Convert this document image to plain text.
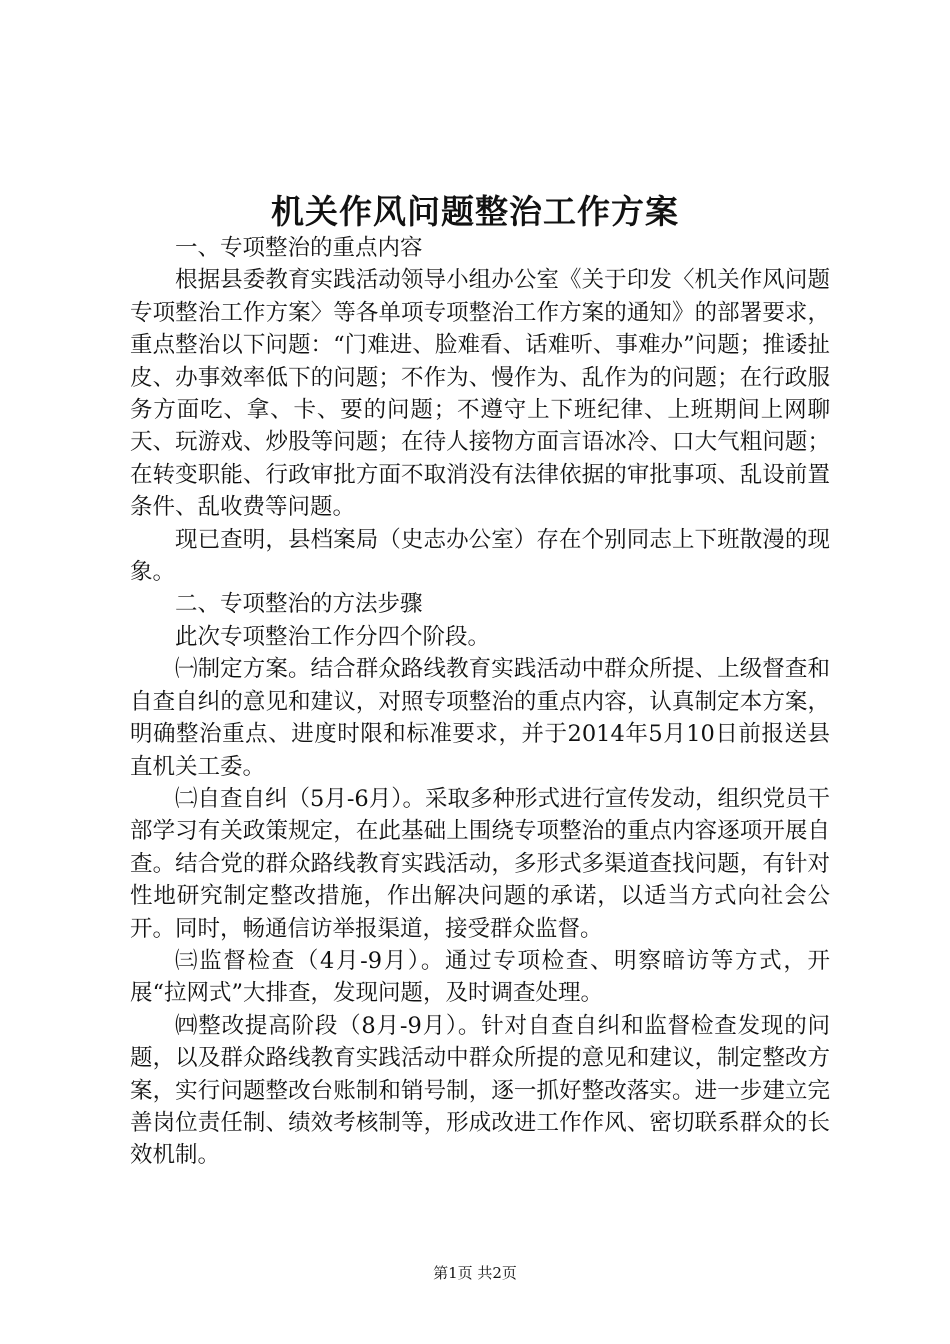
机关作风问题整治工作方案

一、专项整治的重点内容

根据县委教育实践活动领导小组办公室《关于印发〈机关作风问题专项整治工作方案〉等各单项专项整治工作方案的通知》的部署要求，重点整治以下问题：“门难进、脸难看、话难听、事难办”问题；推诿扯皮、办事效率低下的问题；不作为、慢作为、乱作为的问题；在行政服务方面吃、拿、卡、要的问题；不遵守上下班纪律、上班期间上网聊天、玩游戏、炒股等问题；在待人接物方面言语冰冷、口大气粗问题；在转变职能、行政审批方面不取消没有法律依据的审批事项、乱设前置条件、乱收费等问题。

现已查明，县档案局（史志办公室）存在个别同志上下班散漫的现象。

二、专项整治的方法步骤

此次专项整治工作分四个阶段。

㈠制定方案。结合群众路线教育实践活动中群众所提、上级督查和自查自纠的意见和建议，对照专项整治的重点内容，认真制定本方案，明确整治重点、进度时限和标准要求，并于2014年5月10日前报送县直机关工委。

㈡自查自纠（5月-6月）。采取多种形式进行宣传发动，组织党员干部学习有关政策规定，在此基础上围绕专项整治的重点内容逐项开展自查。结合党的群众路线教育实践活动，多形式多渠道查找问题，有针对性地研究制定整改措施，作出解决问题的承诺，以适当方式向社会公开。同时，畅通信访举报渠道，接受群众监督。

㈢监督检查（4月-9月）。通过专项检查、明察暗访等方式，开展“拉网式”大排查，发现问题，及时调查处理。

㈣整改提高阶段（8月-9月）。针对自查自纠和监督检查发现的问题，以及群众路线教育实践活动中群众所提的意见和建议，制定整改方案，实行问题整改台账制和销号制，逐一抓好整改落实。进一步建立完善岗位责任制、绩效考核制等，形成改进工作作风、密切联系群众的长效机制。

第1页 共2页
